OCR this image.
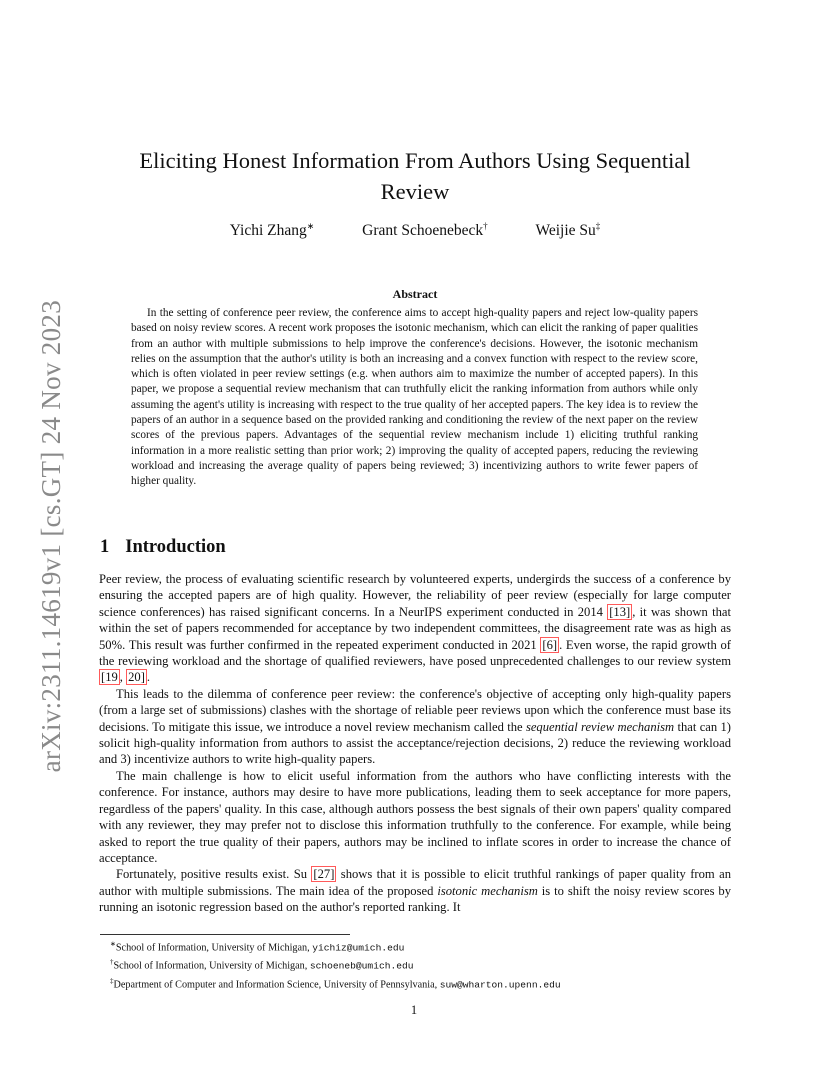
arXiv:2311.14619v1 [cs.GT] 24 Nov 2023
Eliciting Honest Information From Authors Using Sequential
Review
Yichi Zhang∗	Grant Schoenebeck†	Weijie Su‡
Abstract
In the setting of conference peer review, the conference aims to accept high-quality papers and reject low-quality papers based on noisy review scores. A recent work proposes the isotonic mechanism, which can elicit the ranking of paper qualities from an author with multiple submissions to help improve the conference's decisions. However, the isotonic mechanism relies on the assumption that the author's utility is both an increasing and a convex function with respect to the review score, which is often violated in peer review settings (e.g. when authors aim to maximize the number of accepted papers). In this paper, we propose a sequential review mechanism that can truthfully elicit the ranking information from authors while only assuming the agent's utility is increasing with respect to the true quality of her accepted papers. The key idea is to review the papers of an author in a sequence based on the provided ranking and conditioning the review of the next paper on the review scores of the previous papers. Advantages of the sequential review mechanism include 1) eliciting truthful ranking information in a more realistic setting than prior work; 2) improving the quality of accepted papers, reducing the reviewing workload and increasing the average quality of papers being reviewed; 3) incentivizing authors to write fewer papers of higher quality.
1 Introduction

Peer review, the process of evaluating scientific research by volunteered experts, undergirds the success of a conference by ensuring the accepted papers are of high quality. However, the reliability of peer review (especially for large computer science conferences) has raised significant concerns. In a NeurIPS experiment conducted in 2014 [13] , it was shown that within the set of papers recommended for acceptance by two independent committees, the disagreement rate was as high as 50%. This result was further confirmed in the repeated experiment conducted in 2021 [6] . Even worse, the rapid growth of the reviewing workload and the shortage of qualified reviewers, have posed unprecedented challenges to our review system [19 , 20] .

This leads to the dilemma of conference peer review: the conference's objective of accepting only high-quality papers (from a large set of submissions) clashes with the shortage of reliable peer reviews upon which the conference must base its decisions. To mitigate this issue, we introduce a novel review mechanism called the sequential review mechanism that can 1) solicit high-quality information from authors to assist the acceptance/rejection decisions, 2) reduce the reviewing workload and 3) incentivize authors to write high-quality papers.

The main challenge is how to elicit useful information from the authors who have conflicting interests with the conference. For instance, authors may desire to have more publications, leading them to seek acceptance for more papers, regardless of the papers' quality. In this case, although authors possess the best signals of their own papers' quality compared with any reviewer, they may prefer not to disclose this information truthfully to the conference. For example, while being asked to report the true quality of their papers, authors may be inclined to inflate scores in order to increase the chance of acceptance.

Fortunately, positive results exist. Su [27] shows that it is possible to elicit truthful rankings of paper quality from an author with multiple submissions. The main idea of the proposed isotonic mechanism is to shift the noisy review scores by running an isotonic regression based on the author's reported ranking. It

∗School of Information, University of Michigan, yichiz@umich.edu
†School of Information, University of Michigan, schoeneb@umich.edu
‡Department of Computer and Information Science, University of Pennsylvania, suw@wharton.upenn.edu
1
